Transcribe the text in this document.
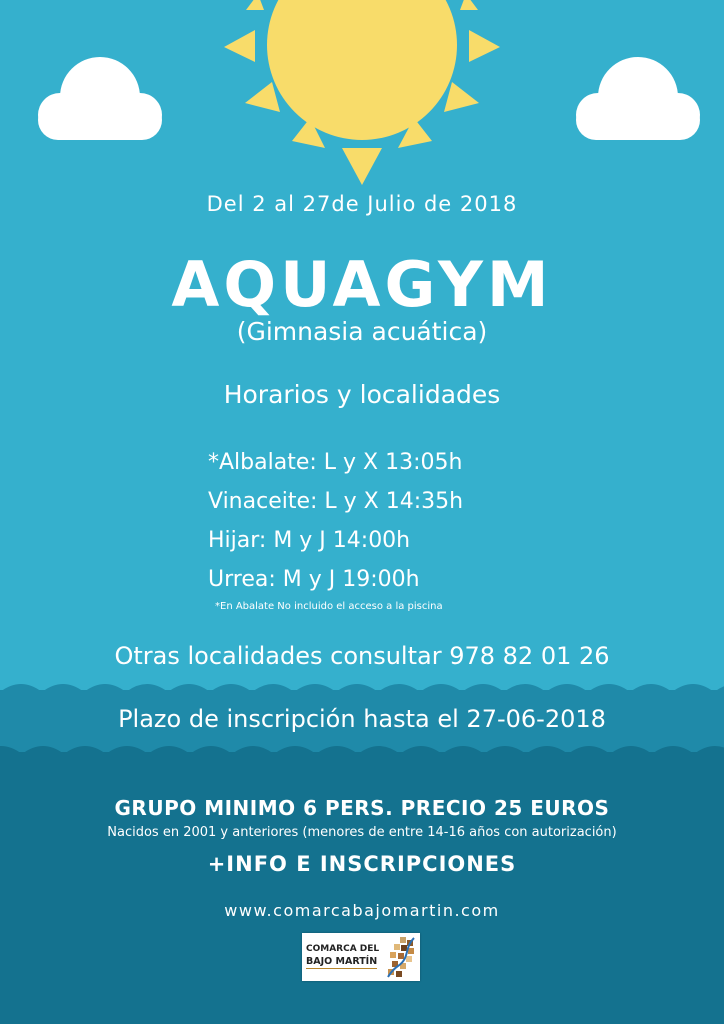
Del 2 al 27de Julio de 2018
AQUAGYM
(Gimnasia acuática)
Horarios y localidades
*Albalate: L y X 13:05h
Vinaceite: L y X 14:35h
Hijar: M y J 14:00h
Urrea: M y J 19:00h
*En Abalate No incluido el acceso a la piscina
Otras localidades consultar 978 82 01 26
Plazo de inscripción hasta el 27-06-2018
GRUPO MINIMO 6 PERS. PRECIO 25 EUROS
Nacidos en 2001 y anteriores (menores de entre 14-16 años con autorización)
+INFO E INSCRIPCIONES
www.comarcabajomartin.com
COMARCA DEL
BAJO MARTÍN
